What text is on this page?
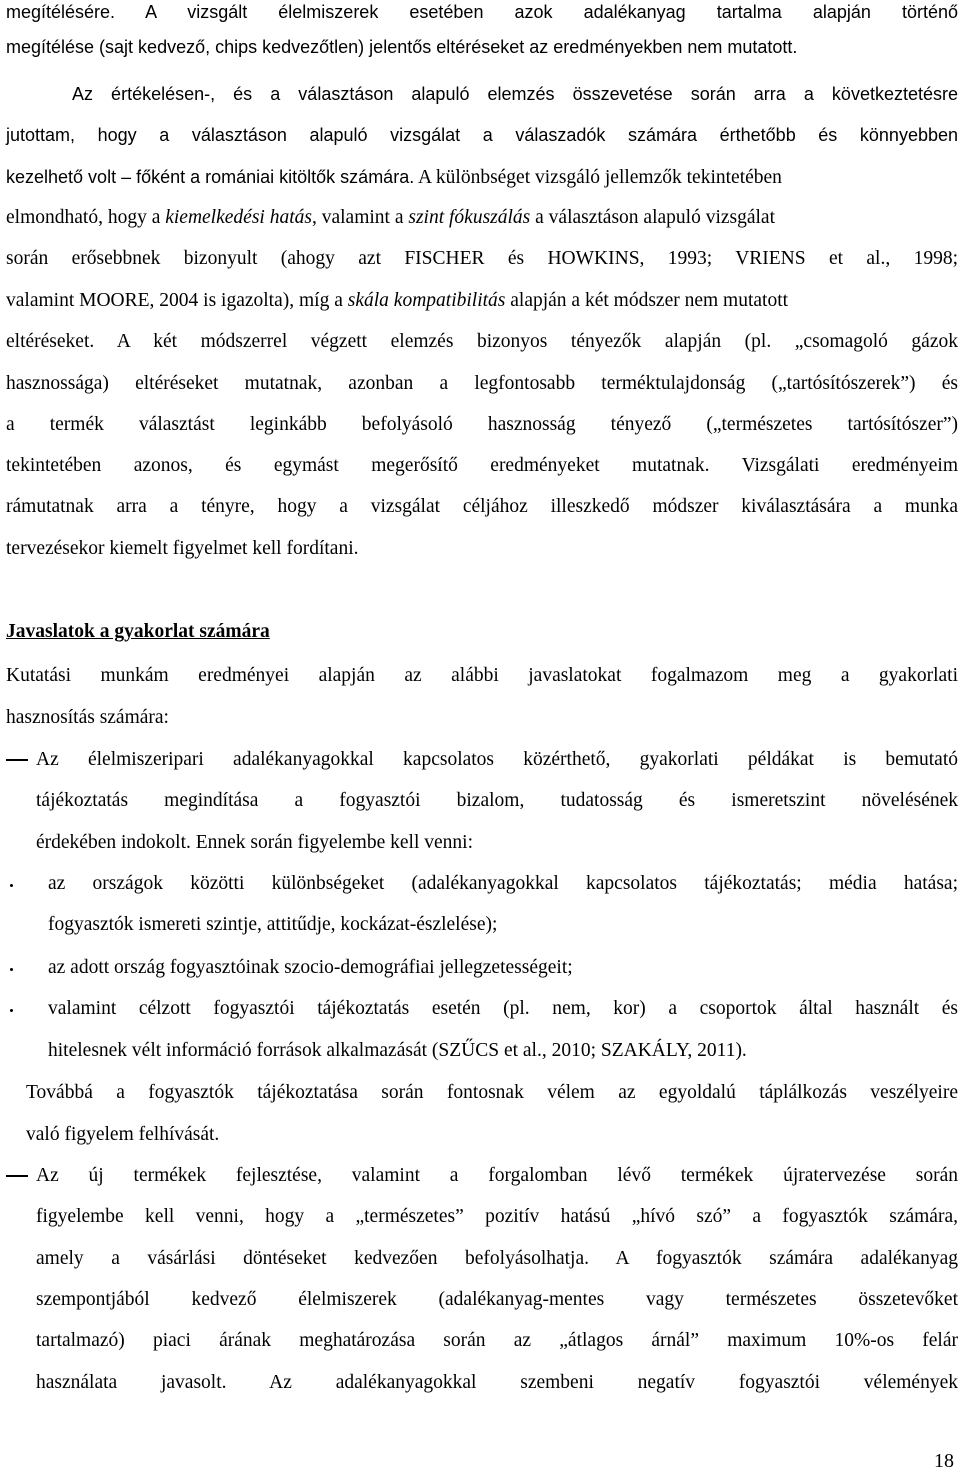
megítélésére. A vizsgált élelmiszerek esetében azok adalékanyag tartalma alapján történő
megítélése (sajt kedvező, chips kedvezőtlen) jelentős eltéréseket az eredményekben nem mutatott.
Az értékelésen-, és a választáson alapuló elemzés összevetése során arra a következtetésre
jutottam, hogy a választáson alapuló vizsgálat a válaszadók számára érthetőbb és könnyebben
kezelhető volt – főként a romániai kitöltők számára. A különbséget vizsgáló jellemzők tekintetében
elmondható, hogy a kiemelkedési hatás, valamint a szint fókuszálás a választáson alapuló vizsgálat
során erősebbnek bizonyult (ahogy azt FISCHER és HOWKINS, 1993; VRIENS et al., 1998;
valamint MOORE, 2004 is igazolta), míg a skála kompatibilitás alapján a két módszer nem mutatott
eltéréseket. A két módszerrel végzett elemzés bizonyos tényezők alapján (pl. „csomagoló gázok
hasznossága) eltéréseket mutatnak, azonban a legfontosabb terméktulajdonság („tartósítószerek”) és
a termék választást leginkább befolyásoló hasznosság tényező („természetes tartósítószer”)
tekintetében azonos, és egymást megerősítő eredményeket mutatnak. Vizsgálati eredményeim
rámutatnak arra a tényre, hogy a vizsgálat céljához illeszkedő módszer kiválasztására a munka
tervezésekor kiemelt figyelmet kell fordítani.
Javaslatok a gyakorlat számára
Kutatási munkám eredményei alapján az alábbi javaslatokat fogalmazom meg a gyakorlati
hasznosítás számára:
Az élelmiszeripari adalékanyagokkal kapcsolatos közérthető, gyakorlati példákat is bemutató
tájékoztatás megindítása a fogyasztói bizalom, tudatosság és ismeretszint növelésének
érdekében indokolt. Ennek során figyelembe kell venni:
az országok közötti különbségeket (adalékanyagokkal kapcsolatos tájékoztatás; média hatása;
fogyasztók ismereti szintje, attitűdje, kockázat-észlelése);
az adott ország fogyasztóinak szocio-demográfiai jellegzetességeit;
valamint célzott fogyasztói tájékoztatás esetén (pl. nem, kor) a csoportok által használt és
hitelesnek vélt információ források alkalmazását (SZŰCS et al., 2010; SZAKÁLY, 2011).
Továbbá a fogyasztók tájékoztatása során fontosnak vélem az egyoldalú táplálkozás veszélyeire
való figyelem felhívását.
Az új termékek fejlesztése, valamint a forgalomban lévő termékek újratervezése során
figyelembe kell venni, hogy a „természetes” pozitív hatású „hívó szó” a fogyasztók számára,
amely a vásárlási döntéseket kedvezően befolyásolhatja. A fogyasztók számára adalékanyag
szempontjából kedvező élelmiszerek (adalékanyag-mentes vagy természetes összetevőket
tartalmazó) piaci árának meghatározása során az „átlagos árnál” maximum 10%-os felár
használata javasolt. Az adalékanyagokkal szembeni negatív fogyasztói vélemények
18
